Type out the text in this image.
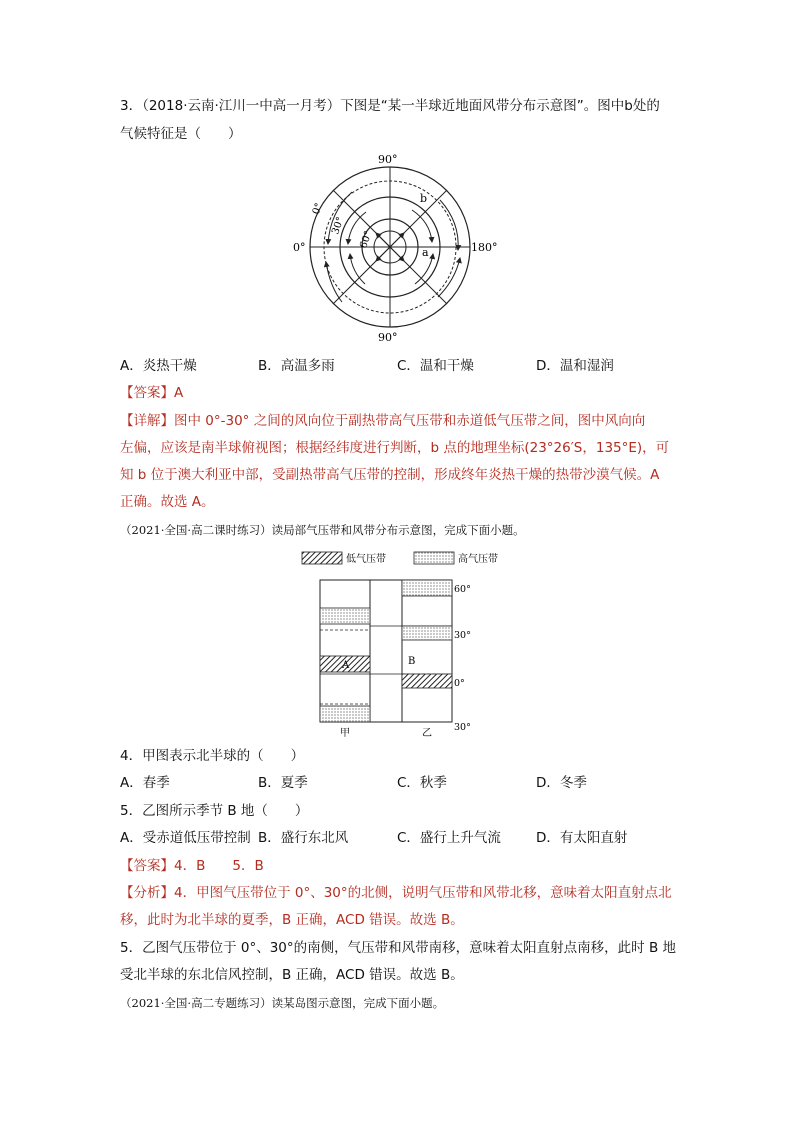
3．（2018·云南·江川一中高一月考）下图是“某一半球近地面风带分布示意图”。图中b处的
气候特征是（　　）
90°
90°
0°	180°
0°
30°
60°
a
b
A．炎热干燥	B．高温多雨	C．温和干燥	D．温和湿润
【答案】A
【详解】图中 0°-30° 之间的风向位于副热带高气压带和赤道低气压带之间，图中风向向
左偏，应该是南半球俯视图；根据经纬度进行判断，b 点的地理坐标(23°26′S，135°E)，可
知 b 位于澳大利亚中部，受副热带高气压带的控制，形成终年炎热干燥的热带沙漠气候。A
正确。故选 A。
（2021·全国·高二课时练习）读局部气压带和风带分布示意图，完成下面小题。
低气压带	高气压带
60°
30°
0°
30°
A	B
甲	乙
4．甲图表示北半球的（　　）
A．春季	B．夏季	C．秋季	D．冬季
5．乙图所示季节 B 地（　　）
A．受赤道低压带控制 B．盛行东北风	C．盛行上升气流	D．有太阳直射
【答案】4．B　　5．B
【分析】4．甲图气压带位于 0°、30°的北侧，说明气压带和风带北移，意味着太阳直射点北
移，此时为北半球的夏季，B 正确，ACD 错误。故选 B。
5．乙图气压带位于 0°、30°的南侧，气压带和风带南移，意味着太阳直射点南移，此时 B 地
受北半球的东北信风控制，B 正确，ACD 错误。故选 B。
（2021·全国·高二专题练习）读某岛图示意图，完成下面小题。
